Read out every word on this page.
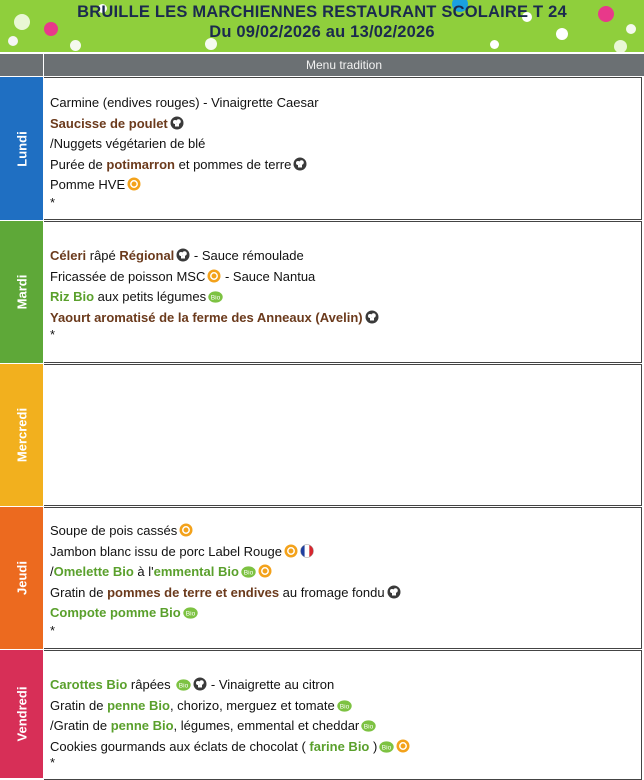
BRUILLE LES MARCHIENNES RESTAURANT SCOLAIRE T 24
Du 09/02/2026 au 13/02/2026
Menu tradition
Lundi
Carmine (endives rouges) - Vinaigrette Caesar
Saucisse de poulet
/Nuggets végétarien de blé
Purée de potimarron et pommes de terre
Pomme HVE
*
Mardi
Céleri râpé Régional
- Sauce rémoulade
Fricassée de poisson MSC
- Sauce Nantua
Riz Bio aux petits légumes Bio
Yaourt aromatisé de la ferme des Anneaux (Avelin)
*
Mercredi
Jeudi
Soupe de pois cassés
Jambon blanc issu de porc Label Rouge
/Omelette Bio à l'emmental Bio Bio
Gratin de pommes de terre et endives au fromage fondu
Compote pomme Bio Bio
*
Vendredi
Carottes Bio râpées Bio - Vinaigrette au citron
Gratin de penne Bio, chorizo, merguez et tomate Bio
/Gratin de penne Bio, légumes, emmental et cheddar Bio
Cookies gourmands aux éclats de chocolat ( farine Bio ) Bio
*
